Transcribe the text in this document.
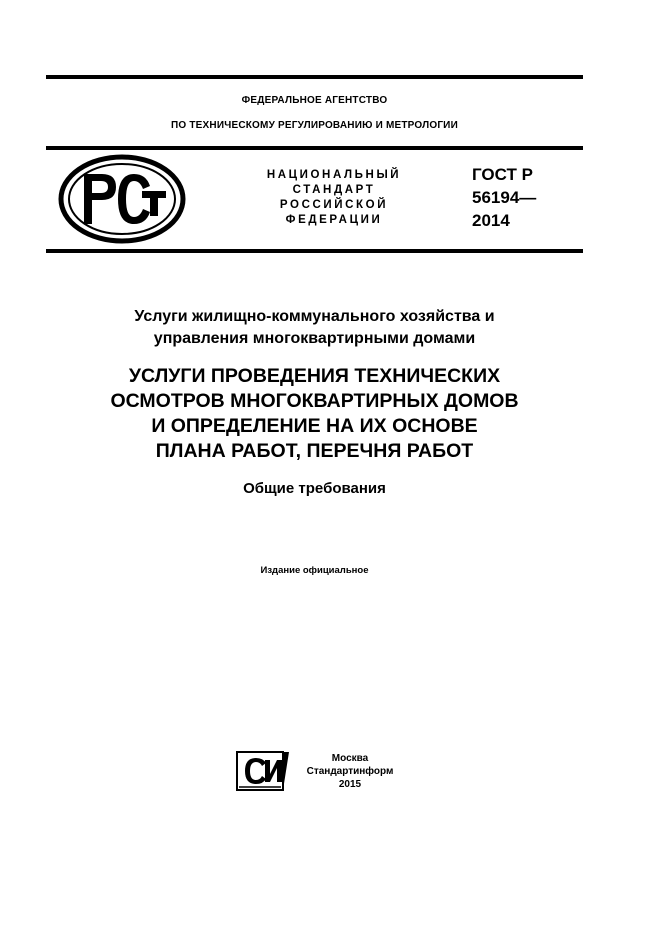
ФЕДЕРАЛЬНОЕ АГЕНТСТВО
ПО ТЕХНИЧЕСКОМУ РЕГУЛИРОВАНИЮ И МЕТРОЛОГИИ
НАЦИОНАЛЬНЫЙ
СТАНДАРТ
РОССИЙСКОЙ
ФЕДЕРАЦИИ
ГОСТ Р
56194—
2014
Услуги жилищно-коммунального хозяйства и
управления многоквартирными домами
УСЛУГИ ПРОВЕДЕНИЯ ТЕХНИЧЕСКИХ
ОСМОТРОВ МНОГОКВАРТИРНЫХ ДОМОВ
И ОПРЕДЕЛЕНИЕ НА ИХ ОСНОВЕ
ПЛАНА РАБОТ, ПЕРЕЧНЯ РАБОТ
Общие требования
Издание официальное
Москва
Стандартинформ
2015
